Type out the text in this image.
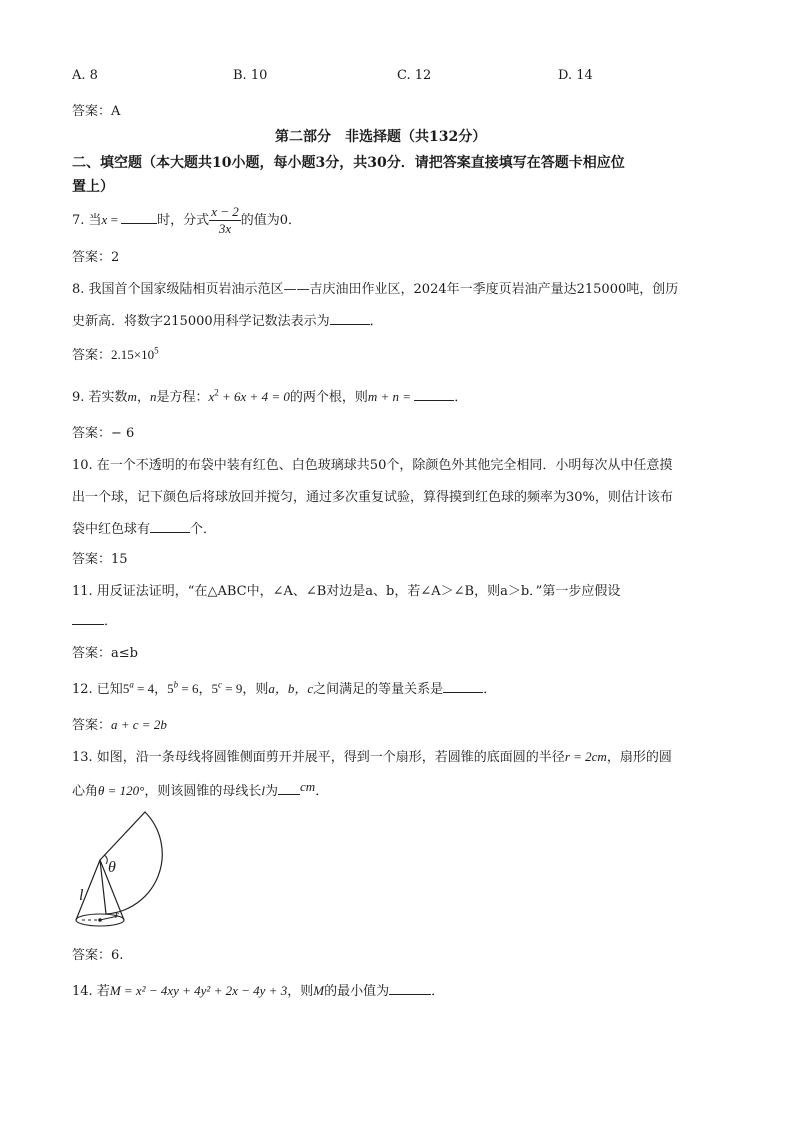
A. 8	B. 10	C. 12	D. 14
答案：A
第二部分　非选择题（共132分）
二、填空题（本大题共10小题，每小题3分，共30分．请把答案直接填写在答题卡相应位
置上）
7. 当x =	时，分式 $\frac{x - 2}{3x}$ 的值为0．
答案：2
8. 我国首个国家级陆相页岩油示范区——吉庆油田作业区，2024年一季度页岩油产量达215000吨，创历
史新高．将数字215000用科学记数法表示为	．
答案：$2.15\times 10^5$
9. 若实数m，n是方程：$x^2 + 6x + 4 = 0$的两个根，则m + n =	．
答案：− 6
10. 在一个不透明的布袋中装有红色、白色玻璃球共50个，除颜色外其他完全相同．小明每次从中任意摸
出一个球，记下颜色后将球放回并搅匀，通过多次重复试验，算得摸到红色球的频率为30%，则估计该布
袋中红色球有	个．
答案：15
11. 用反证法证明，“在△ABC中，∠A、∠B对边是a、b，若∠A＞∠B，则a＞b．”第一步应假设
．
答案：a≤b
12. 已知$5^a = 4$，$5^b = 6$，$5^c = 9$，则a，b，c之间满足的等量关系是	．
答案：a + c = 2b
13. 如图，沿一条母线将圆锥侧面剪开并展平，得到一个扇形，若圆锥的底面圆的半径r = 2cm，扇形的圆
心角θ = 120°，则该圆锥的母线长l为 cm．
θ
l
r
答案：6.
14. 若M = x² − 4xy + 4y² + 2x − 4y + 3，则M的最小值为	．
